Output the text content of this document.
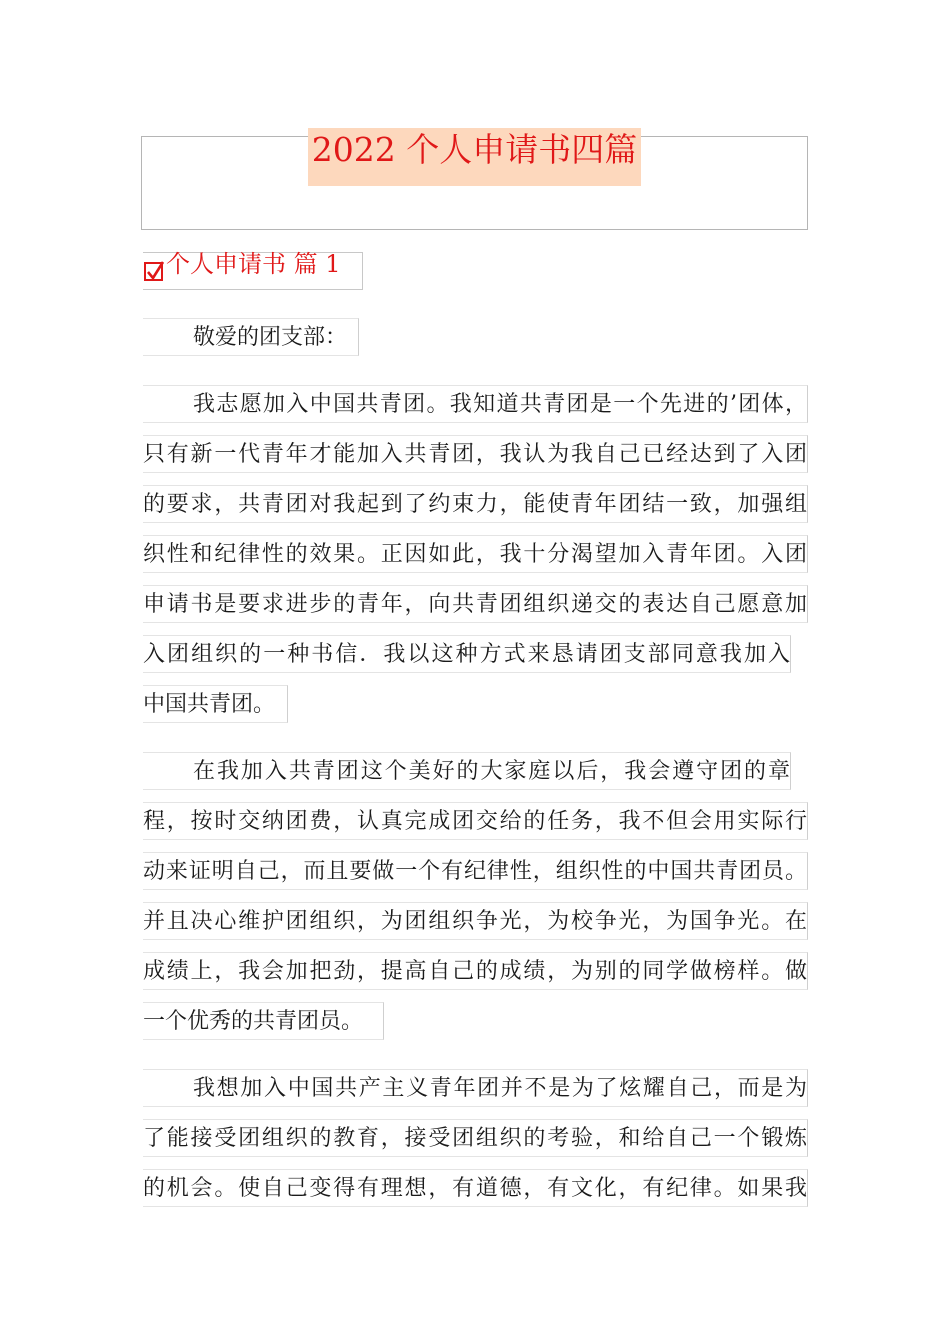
2022 个人申请书四篇
个人申请书 篇 1
敬爱的团支部：
我志愿加入中国共青团。我知道共青团是一个先进的’团体，
只有新一代青年才能加入共青团，我认为我自己已经达到了入团
的要求，共青团对我起到了约束力，能使青年团结一致，加强组
织性和纪律性的效果。正因如此，我十分渴望加入青年团。入团
申请书是要求进步的青年，向共青团组织递交的表达自己愿意加
入团组织的一种书信．我以这种方式来恳请团支部同意我加入
中国共青团。
在我加入共青团这个美好的大家庭以后，我会遵守团的章
程，按时交纳团费，认真完成团交给的任务，我不但会用实际行
动来证明自己，而且要做一个有纪律性，组织性的中国共青团员。
并且决心维护团组织，为团组织争光，为校争光，为国争光。在
成绩上，我会加把劲，提高自己的成绩，为别的同学做榜样。做
一个优秀的共青团员。
我想加入中国共产主义青年团并不是为了炫耀自己，而是为
了能接受团组织的教育，接受团组织的考验，和给自己一个锻炼
的机会。使自己变得有理想，有道德，有文化，有纪律。如果我
